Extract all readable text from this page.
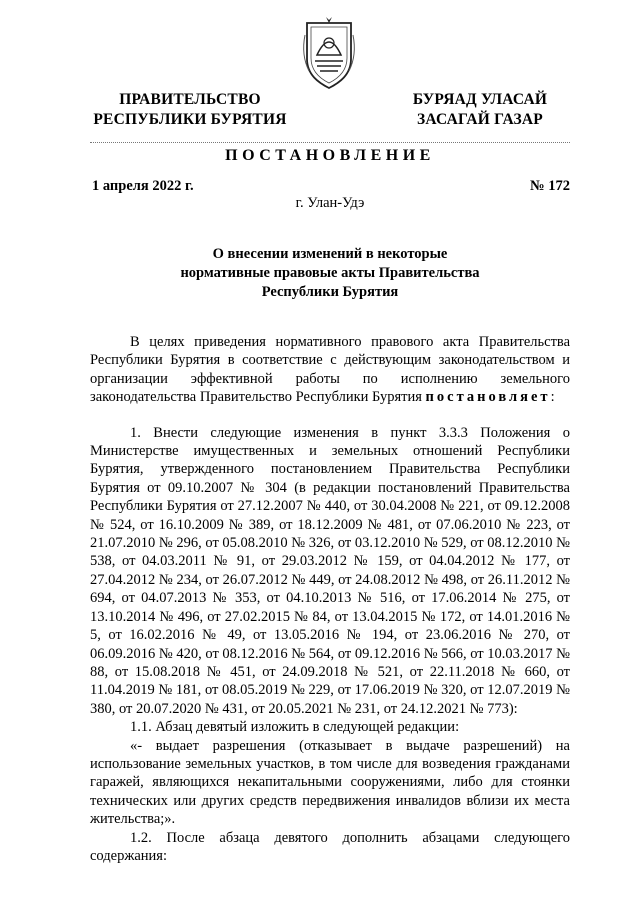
ПРАВИТЕЛЬСТВО
РЕСПУБЛИКИ БУРЯТИЯ
БУРЯАД УЛАСАЙ
ЗАСАГАЙ ГАЗАР
ПОСТАНОВЛЕНИЕ
1 апреля 2022 г.	№ 172
г. Улан-Удэ
О внесении изменений в некоторые
нормативные правовые акты Правительства
Республики Бурятия

В целях приведения нормативного правового акта Правительства Республики Бурятия в соответствие с действующим законодательством и организации эффективной работы по исполнению земельного законодательства Правительство Республики Бурятия постановляет:

1. Внести следующие изменения в пункт 3.3.3 Положения о Министерстве имущественных и земельных отношений Республики Бурятия, утвержденного постановлением Правительства Республики Бурятия от 09.10.2007 № 304 (в редакции постановлений Правительства Республики Бурятия от 27.12.2007 № 440, от 30.04.2008 № 221, от 09.12.2008 № 524, от 16.10.2009 № 389, от 18.12.2009 № 481, от 07.06.2010 № 223, от 21.07.2010 № 296, от 05.08.2010 № 326, от 03.12.2010 № 529, от 08.12.2010 № 538, от 04.03.2011 № 91, от 29.03.2012 № 159, от 04.04.2012 № 177, от 27.04.2012 № 234, от 26.07.2012 № 449, от 24.08.2012 № 498, от 26.11.2012 № 694, от 04.07.2013 № 353, от 04.10.2013 № 516, от 17.06.2014 № 275, от 13.10.2014 № 496, от 27.02.2015 № 84, от 13.04.2015 № 172, от 14.01.2016 № 5, от 16.02.2016 № 49, от 13.05.2016 № 194, от 23.06.2016 № 270, от 06.09.2016 № 420, от 08.12.2016 № 564, от 09.12.2016 № 566, от 10.03.2017 № 88, от 15.08.2018 № 451, от 24.09.2018 № 521, от 22.11.2018 № 660, от 11.04.2019 № 181, от 08.05.2019 № 229, от 17.06.2019 № 320, от 12.07.2019 № 380, от 20.07.2020 № 431, от 20.05.2021 № 231, от 24.12.2021 № 773):

1.1. Абзац девятый изложить в следующей редакции:

«- выдает разрешения (отказывает в выдаче разрешений) на использование земельных участков, в том числе для возведения гражданами гаражей, являющихся некапитальными сооружениями, либо для стоянки технических или других средств передвижения инвалидов вблизи их места жительства;».

1.2. После абзаца девятого дополнить абзацами следующего содержания:
